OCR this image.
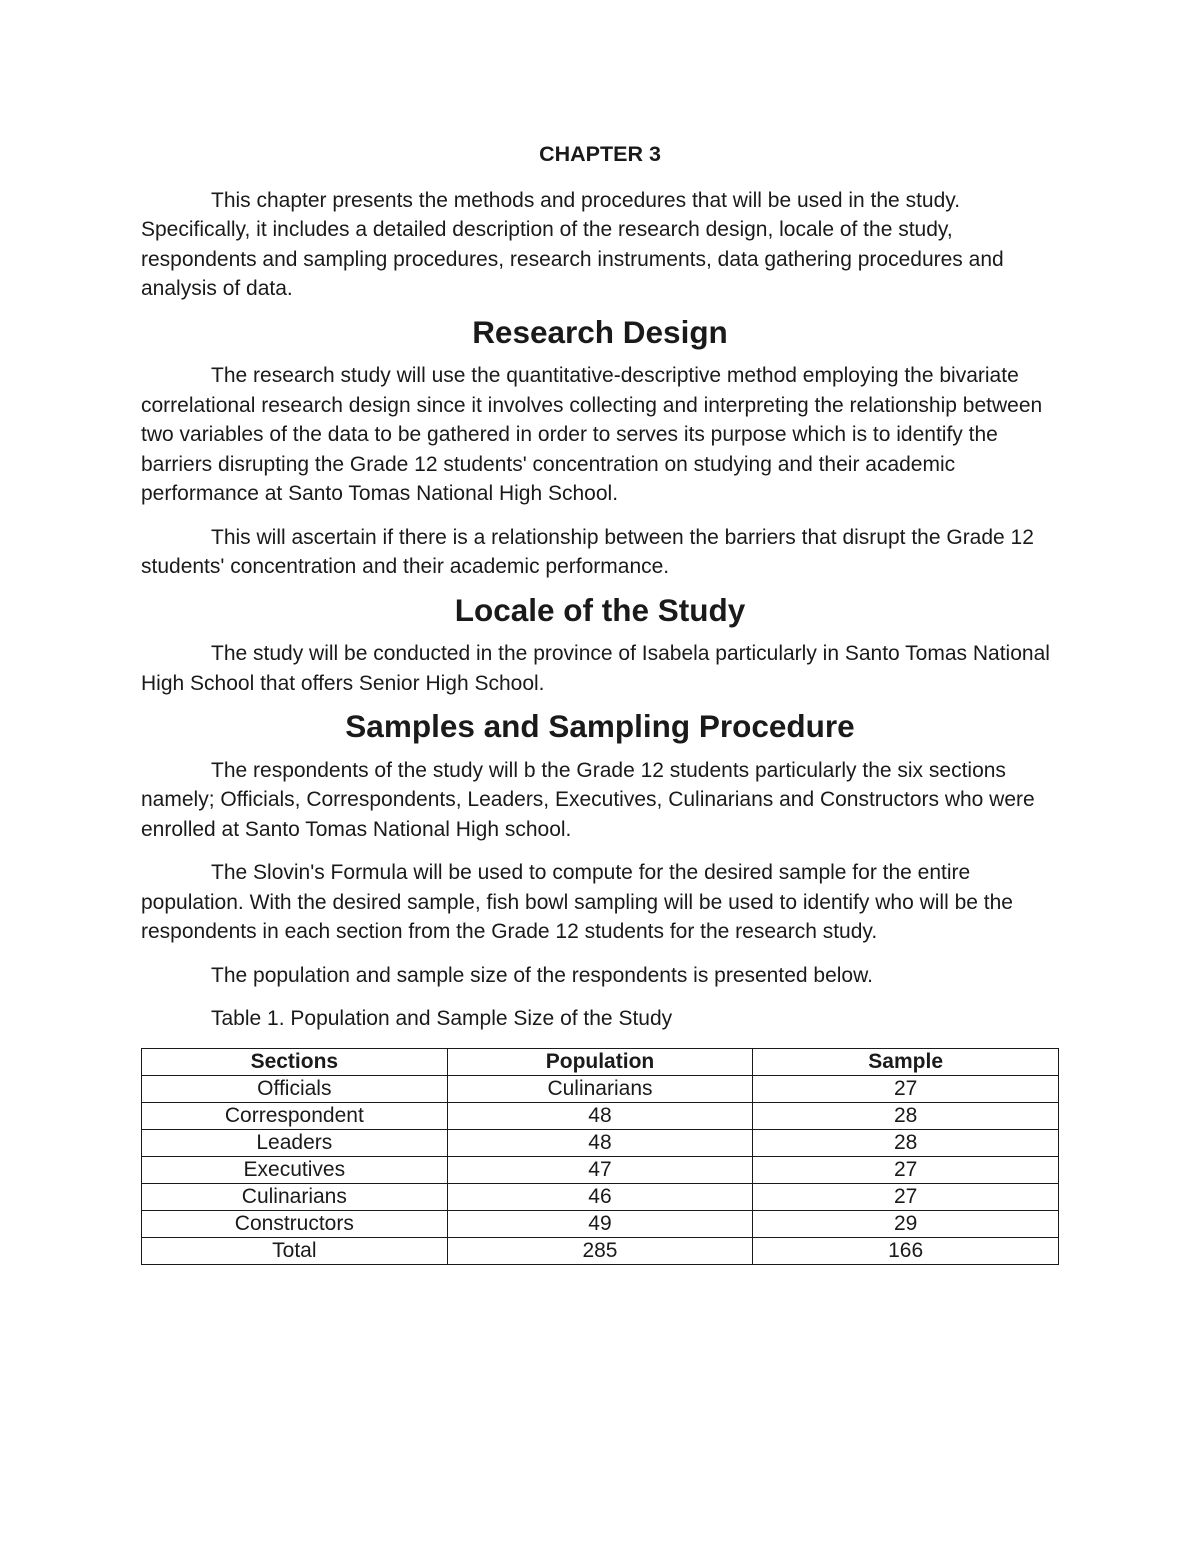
CHAPTER 3

This chapter presents the methods and procedures that will be used in the study. Specifically, it includes a detailed description of the research design, locale of the study, respondents and sampling procedures, research instruments, data gathering procedures and analysis of data.

Research Design

The research study will use the quantitative-descriptive method employing the bivariate correlational research design since it involves collecting and interpreting the relationship between two variables of the data to be gathered in order to serves its purpose which is to identify the barriers disrupting the Grade 12 students' concentration on studying and their academic performance at Santo Tomas National High School.

This will ascertain if there is a relationship between the barriers that disrupt the Grade 12 students' concentration and their academic performance.

Locale of the Study

The study will be conducted in the province of Isabela particularly in Santo Tomas National High School that offers Senior High School.

Samples and Sampling Procedure

The respondents of the study will b the Grade 12 students particularly the six sections namely; Officials, Correspondents, Leaders, Executives, Culinarians and Constructors who were enrolled at Santo Tomas National High school.

The Slovin's Formula will be used to compute for the desired sample for the entire population. With the desired sample, fish bowl sampling will be used to identify who will be the respondents in each section from the Grade 12 students for the research study.

The population and sample size of the respondents is presented below.

Table 1. Population and Sample Size of the Study

Sections	Population	Sample
Officials	Culinarians	27
Correspondent	48	28
Leaders	48	28
Executives	47	27
Culinarians	46	27
Constructors	49	29
Total	285	166
